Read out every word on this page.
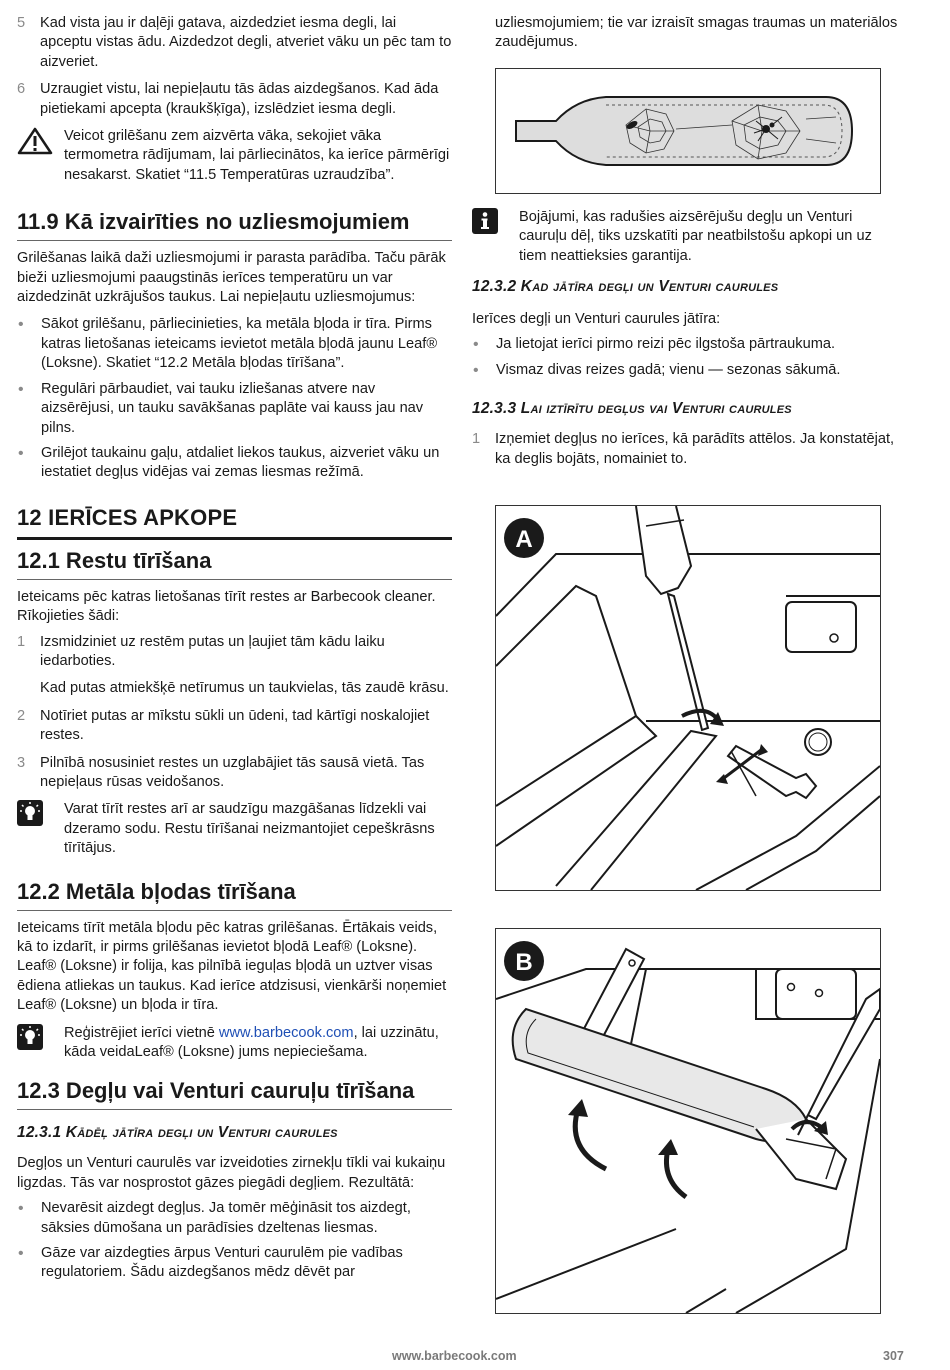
5	Kad vista jau ir daļēji gatava, aizdedziet iesma degli, lai apceptu vistas ādu. Aizdedzot degli, atveriet vāku un pēc tam to aizveriet.
6	Uzraugiet vistu, lai nepieļautu tās ādas aizdegšanos. Kad āda pietiekami apcepta (kraukšķīga), izslēdziet iesma degli.
Veicot grilēšanu zem aizvērta vāka, sekojiet vāka termometra rādījumam, lai pārliecinātos, ka ierīce pārmērīgi nesakarst. Skatiet “11.5 Temperatūras uzraudzība”.
11.9 Kā izvairīties no uzliesmojumiem

Grilēšanas laikā daži uzliesmojumi ir parasta parādība. Taču pārāk bieži uzliesmojumi paaugstinās ierīces temperatūru un var aizdedzināt uzkrājušos taukus. Lai nepieļautu uzliesmojumus:

•	Sākot grilēšanu, pārliecinieties, ka metāla bļoda ir tīra. Pirms katras lietošanas ieteicams ievietot metāla bļodā jaunu Leaf® (Loksne). Skatiet “12.2 Metāla bļodas tīrīšana”.
•	Regulāri pārbaudiet, vai tauku izliešanas atvere nav aizsērējusi, un tauku savākšanas paplāte vai kauss jau nav pilns.
•	Grilējot taukainu gaļu, atdaliet liekos taukus, aizveriet vāku un iestatiet degļus vidējas vai zemas liesmas režīmā.
12 IERĪCES APKOPE
12.1 Restu tīrīšana

Ieteicams pēc katras lietošanas tīrīt restes ar Barbecook cleaner. Rīkojieties šādi:

1	Izsmidziniet uz restēm putas un ļaujiet tām kādu laiku iedarboties.
Kad putas atmiekšķē netīrumus un taukvielas, tās zaudē krāsu.
2	Notīriet putas ar mīkstu sūkli un ūdeni, tad kārtīgi noskalojiet restes.
3	Pilnībā nosusiniet restes un uzglabājiet tās sausā vietā. Tas nepieļaus rūsas veidošanos.
Varat tīrīt restes arī ar saudzīgu mazgāšanas līdzekli vai dzeramo sodu. Restu tīrīšanai neizmantojiet cepeškrāsns tīrītājus.
12.2 Metāla bļodas tīrīšana

Ieteicams tīrīt metāla bļodu pēc katras grilēšanas. Ērtākais veids, kā to izdarīt, ir pirms grilēšanas ievietot bļodā Leaf® (Loksne). Leaf® (Loksne) ir folija, kas pilnībā ieguļas bļodā un uztver visas ēdiena atliekas un taukus. Kad ierīce atdzisusi, vienkārši noņemiet Leaf® (Loksne) un bļoda ir tīra.

Reģistrējiet ierīci vietnē www.barbecook.com, lai uzzinātu, kāda veidaLeaf® (Loksne) jums nepieciešama.
12.3 Degļu vai Venturi cauruļu tīrīšana
12.3.1 Kādēļ jātīra degļi un Venturi caurules

Degļos un Venturi caurulēs var izveidoties zirnekļu tīkli vai kukaiņu ligzdas. Tās var nosprostot gāzes piegādi degļiem. Rezultātā:

•	Nevarēsit aizdegt degļus. Ja tomēr mēģināsit tos aizdegt, sāksies dūmošana un parādīsies dzeltenas liesmas.
•	Gāze var aizdegties ārpus Venturi caurulēm pie vadības regulatoriem. Šādu aizdegšanos mēdz dēvēt par

uzliesmojumiem; tie var izraisīt smagas traumas un materiālos zaudējumus.

Bojājumi, kas radušies aizsērējušu degļu un Venturi cauruļu dēļ, tiks uzskatīti par neatbilstošu apkopi un uz tiem neattieksies garantija.
12.3.2 Kad jātīra degļi un Venturi caurules

Ierīces degļi un Venturi caurules jātīra:

•	Ja lietojat ierīci pirmo reizi pēc ilgstoša pārtraukuma.
•	Vismaz divas reizes gadā; vienu — sezonas sākumā.
12.3.3 Lai iztīrītu degļus vai Venturi caurules
1	Izņemiet degļus no ierīces, kā parādīts attēlos. Ja konstatējat, ka deglis bojāts, nomainiet to.
A
B
www.barbecook.com	307
